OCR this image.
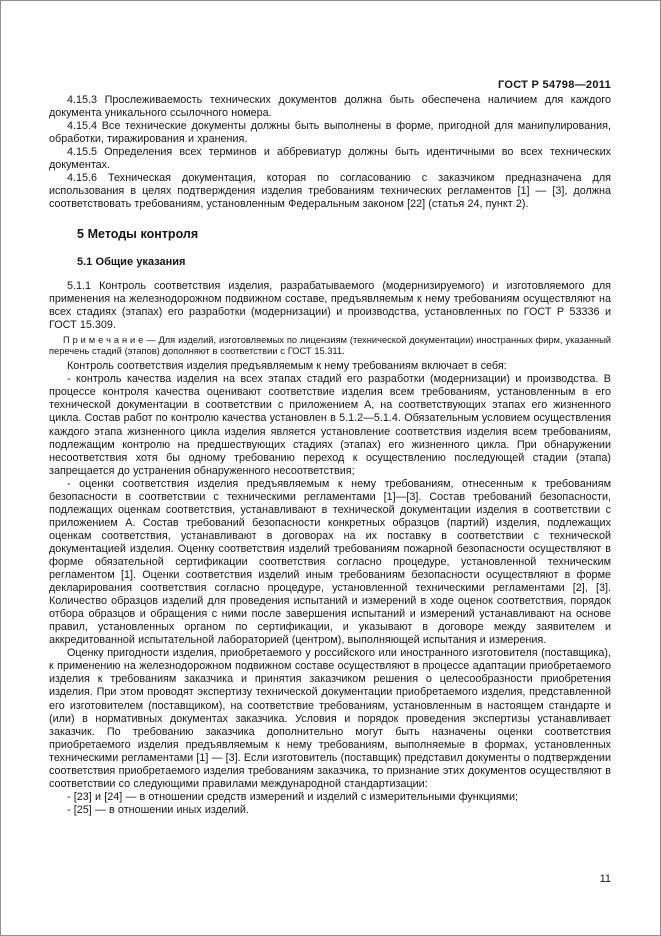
ГОСТ Р 54798—2011

4.15.3 Прослеживаемость технических документов должна быть обеспечена наличием для каждого документа уникального ссылочного номера.

4.15.4 Все технические документы должны быть выполнены в форме, пригодной для манипулирования, обработки, тиражирования и хранения.

4.15.5 Определения всех терминов и аббревиатур должны быть идентичными во всех технических документах.

4.15.6 Техническая документация, которая по согласованию с заказчиком предназначена для использования в целях подтверждения изделия требованиям технических регламентов [1] — [3], должна соответствовать требованиям, установленным Федеральным законом [22] (статья 24, пункт 2).

5 Методы контроля

5.1 Общие указания

5.1.1 Контроль соответствия изделия, разрабатываемого (модернизируемого) и изготовляемого для применения на железнодорожном подвижном составе, предъявляемым к нему требованиям осуществляют на всех стадиях (этапах) его разработки (модернизации) и производства, установленных по ГОСТ Р 53336 и ГОСТ 15.309.

П р и м е ч а н и е — Для изделий, изготовляемых по лицензиям (технической документации) иностранных фирм, указанный перечень стадий (этапов) дополняют в соответствии с ГОСТ 15.311.

Контроль соответствия изделия предъявляемым к нему требованиям включает в себя:

- контроль качества изделия на всех этапах стадий его разработки (модернизации) и производства. В процессе контроля качества оценивают соответствие изделия всем требованиям, установленным в его технической документации в соответствии с приложением А, на соответствующих этапах его жизненного цикла. Состав работ по контролю качества установлен в 5.1.2—5.1.4. Обязательным условием осуществления каждого этапа жизненного цикла изделия является установление соответствия изделия всем требованиям, подлежащим контролю на предшествующих стадиях (этапах) его жизненного цикла. При обнаружении несоответствия хотя бы одному требованию переход к осуществлению последующей стадии (этапа) запрещается до устранения обнаруженного несоответствия;

- оценки соответствия изделия предъявляемым к нему требованиям, отнесенным к требованиям безопасности в соответствии с техническими регламентами [1]—[3]. Состав требований безопасности, подлежащих оценкам соответствия, устанавливают в технической документации изделия в соответствии с приложением А. Состав требований безопасности конкретных образцов (партий) изделия, подлежащих оценкам соответствия, устанавливают в договорах на их поставку в соответствии с технической документацией изделия. Оценку соответствия изделий требованиям пожарной безопасности осуществляют в форме обязательной сертификации соответствия согласно процедуре, установленной техническим регламентом [1]. Оценки соответствия изделий иным требованиям безопасности осуществляют в форме декларирования соответствия согласно процедуре, установленной техническими регламентами [2], [3]. Количество образцов изделий для проведения испытаний и измерений в ходе оценок соответствия, порядок отбора образцов и обращения с ними после завершения испытаний и измерений устанавливают на основе правил, установленных органом по сертификации, и указывают в договоре между заявителем и аккредитованной испытательной лабораторией (центром), выполняющей испытания и измерения.

Оценку пригодности изделия, приобретаемого у российского или иностранного изготовителя (поставщика), к применению на железнодорожном подвижном составе осуществляют в процессе адаптации приобретаемого изделия к требованиям заказчика и принятия заказчиком решения о целесообразности приобретения изделия. При этом проводят экспертизу технической документации приобретаемого изделия, представленной его изготовителем (поставщиком), на соответствие требованиям, установленным в настоящем стандарте и (или) в нормативных документах заказчика. Условия и порядок проведения экспертизы устанавливает заказчик. По требованию заказчика дополнительно могут быть назначены оценки соответствия приобретаемого изделия предъявляемым к нему требованиям, выполняемые в формах, установленных техническими регламентами [1] — [3]. Если изготовитель (поставщик) представил документы о подтверждении соответствия приобретаемого изделия требованиям заказчика, то признание этих документов осуществляют в соответствии со следующими правилами международной стандартизации:

- [23] и [24] — в отношении средств измерений и изделий с измерительными функциями;

- [25] — в отношении иных изделий.

11
